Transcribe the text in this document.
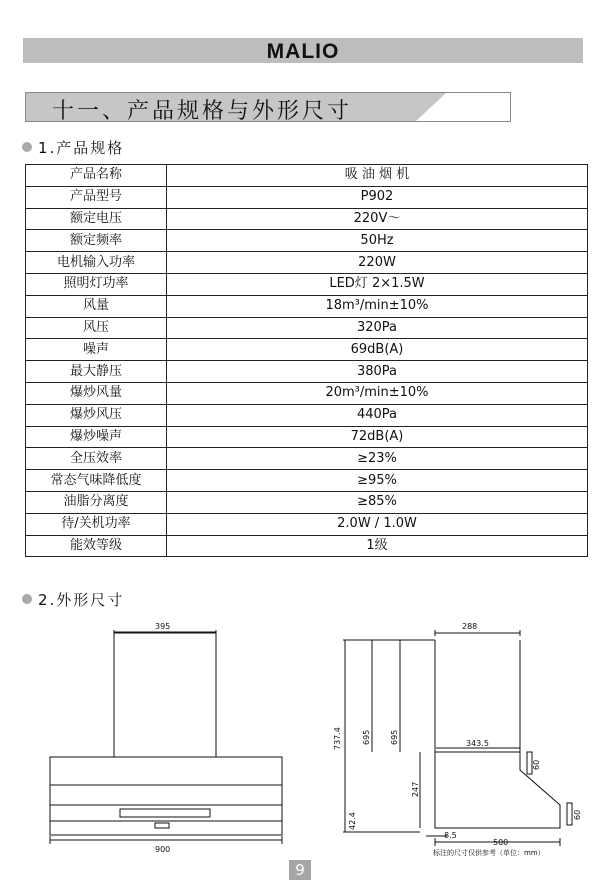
MALIO
十一、产品规格与外形尺寸
1.产品规格
产品名称	吸 油 烟 机
产品型号	P902
额定电压	220V～
额定频率	50Hz
电机输入功率	220W
照明灯功率	LED灯 2×1.5W
风量	18m³/min±10%
风压	320Pa
噪声	69dB(A)
最大静压	380Pa
爆炒风量	20m³/min±10%
爆炒风压	440Pa
爆炒噪声	72dB(A)
全压效率	≥23%
常态气味降低度	≥95%
油脂分离度	≥85%
待/关机功率	2.0W / 1.0W
能效等级	1级
2.外形尺寸
395
900
288
737.4	695 695	343.5
247
42.4
60
60
8.5
500
标注的尺寸仅供参考（单位：mm）
9
